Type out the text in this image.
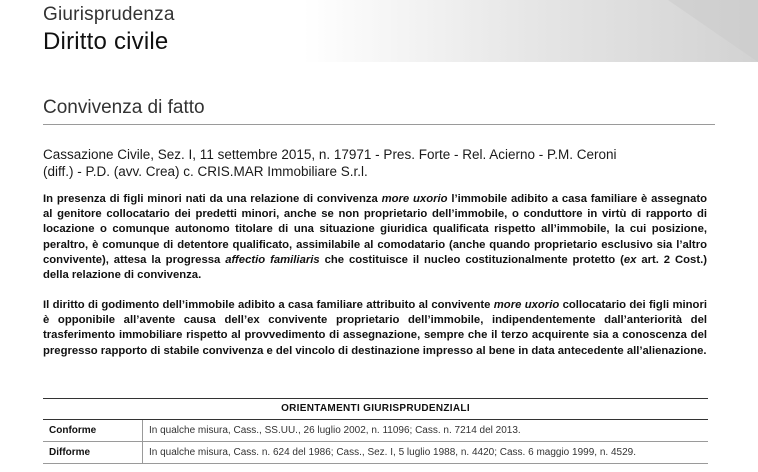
Giurisprudenza
Diritto civile
Convivenza di fatto
Cassazione Civile, Sez. I, 11 settembre 2015, n. 17971 - Pres. Forte - Rel. Acierno - P.M. Ceroni
(diff.) - P.D. (avv. Crea) c. CRIS.MAR Immobiliare S.r.l.
In presenza di figli minori nati da una relazione di convivenza more uxorio l’immobile adibito a casa familiare è assegnato al genitore collocatario dei predetti minori, anche se non proprietario dell’immobile, o conduttore in virtù di rapporto di locazione o comunque autonomo titolare di una situazione giuridica qualificata rispetto all’immobile, la cui posizione, peraltro, è comunque di detentore qualificato, assimilabile al comodatario (anche quando proprietario esclusivo sia l’altro convivente), attesa la progressa affectio familiaris che costituisce il nucleo costituzionalmente protetto (ex art. 2 Cost.) della relazione di convivenza.
Il diritto di godimento dell’immobile adibito a casa familiare attribuito al convivente more uxorio collocatario dei figli minori è opponibile all’avente causa dell’ex convivente proprietario dell’immobile, indipendentemente dall’anteriorità del trasferimento immobiliare rispetto al provvedimento di assegnazione, sempre che il terzo acquirente sia a conoscenza del pregresso rapporto di stabile convivenza e del vincolo di destinazione impresso al bene in data antecedente all’alienazione.
ORIENTAMENTI GIURISPRUDENZIALI
Conforme	In qualche misura, Cass., SS.UU., 26 luglio 2002, n. 11096; Cass. n. 7214 del 2013.
Difforme	In qualche misura, Cass. n. 624 del 1986; Cass., Sez. I, 5 luglio 1988, n. 4420; Cass. 6 maggio 1999, n. 4529.
